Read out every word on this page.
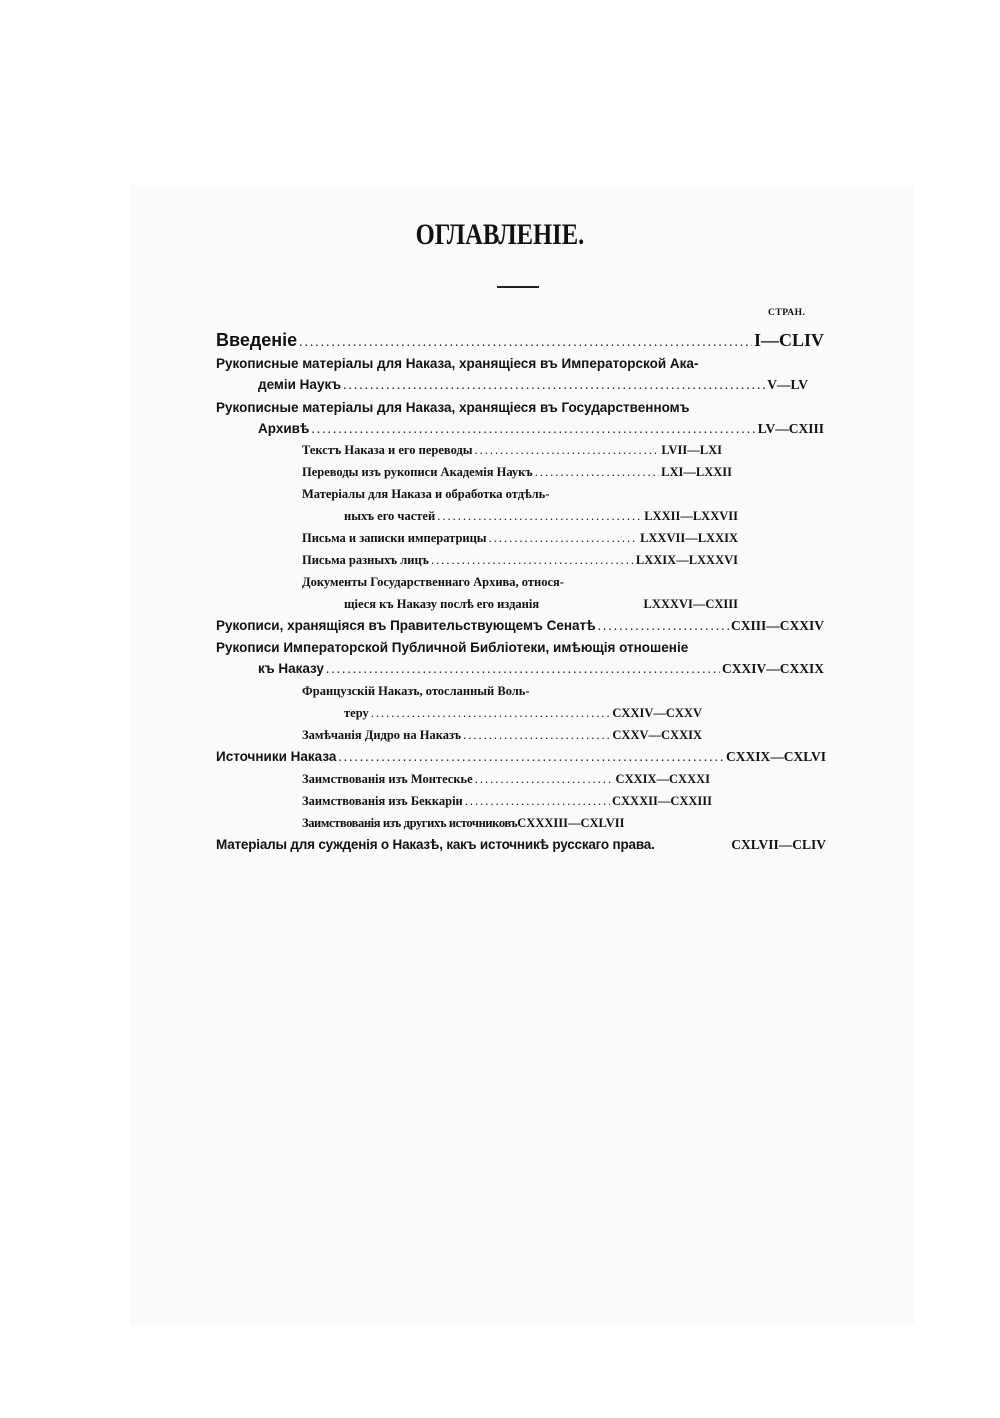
ОГЛАВЛЕНІЕ.
СТРАН.
Введеніе .....	I—CLIV
Рукописные матеріалы для Наказа, хранящіеся въ Императорской Ака-
деміи Наукъ .....	V—LV
Рукописные матеріалы для Наказа, хранящіеся въ Государственномъ
Архивѣ .....	LV—CXIII
Текстъ Наказа и его переводы .....	LVII—LXI
Переводы изъ рукописи Академія Наукъ .....	LXI—LXXII
Матеріалы для Наказа и обработка отдѣль-
ныхъ его частей .....	LXXII—LXXVII
Письма и записки императрицы .....	LXXVII—LXXIX
Письма разныхъ лицъ .....	LXXIX—LXXXVI
Документы Государственнаго Архива, относя-
щіеся къ Наказу послѣ его изданія	LXXXVI—CXIII
Рукописи, хранящіяся въ Правительствующемъ Сенатѣ .....	CXIII—CXXIV
Рукописи Императорской Публичной Библіотеки, имѣющія отношеніе
къ Наказу .....	CXXIV—CXXIX
Французскій Наказъ, отосланный Воль-
теру .....	CXXIV—CXXV
Замѣчанія Дидро на Наказъ .....	CXXV—CXXIX
Источники Наказа .....	CXXIX—CXLVI
Заимствованія изъ Монтескье .....	CXXIX—CXXXI
Заимствованія изъ Беккаріи .....	CXXXII—CXXIII
Заимствованія изъ другихъ источниковъ CXXXIII—CXLVII
Матеріалы для сужденія о Наказѣ, какъ источникѣ русскаго права.	CXLVII—CLIV
